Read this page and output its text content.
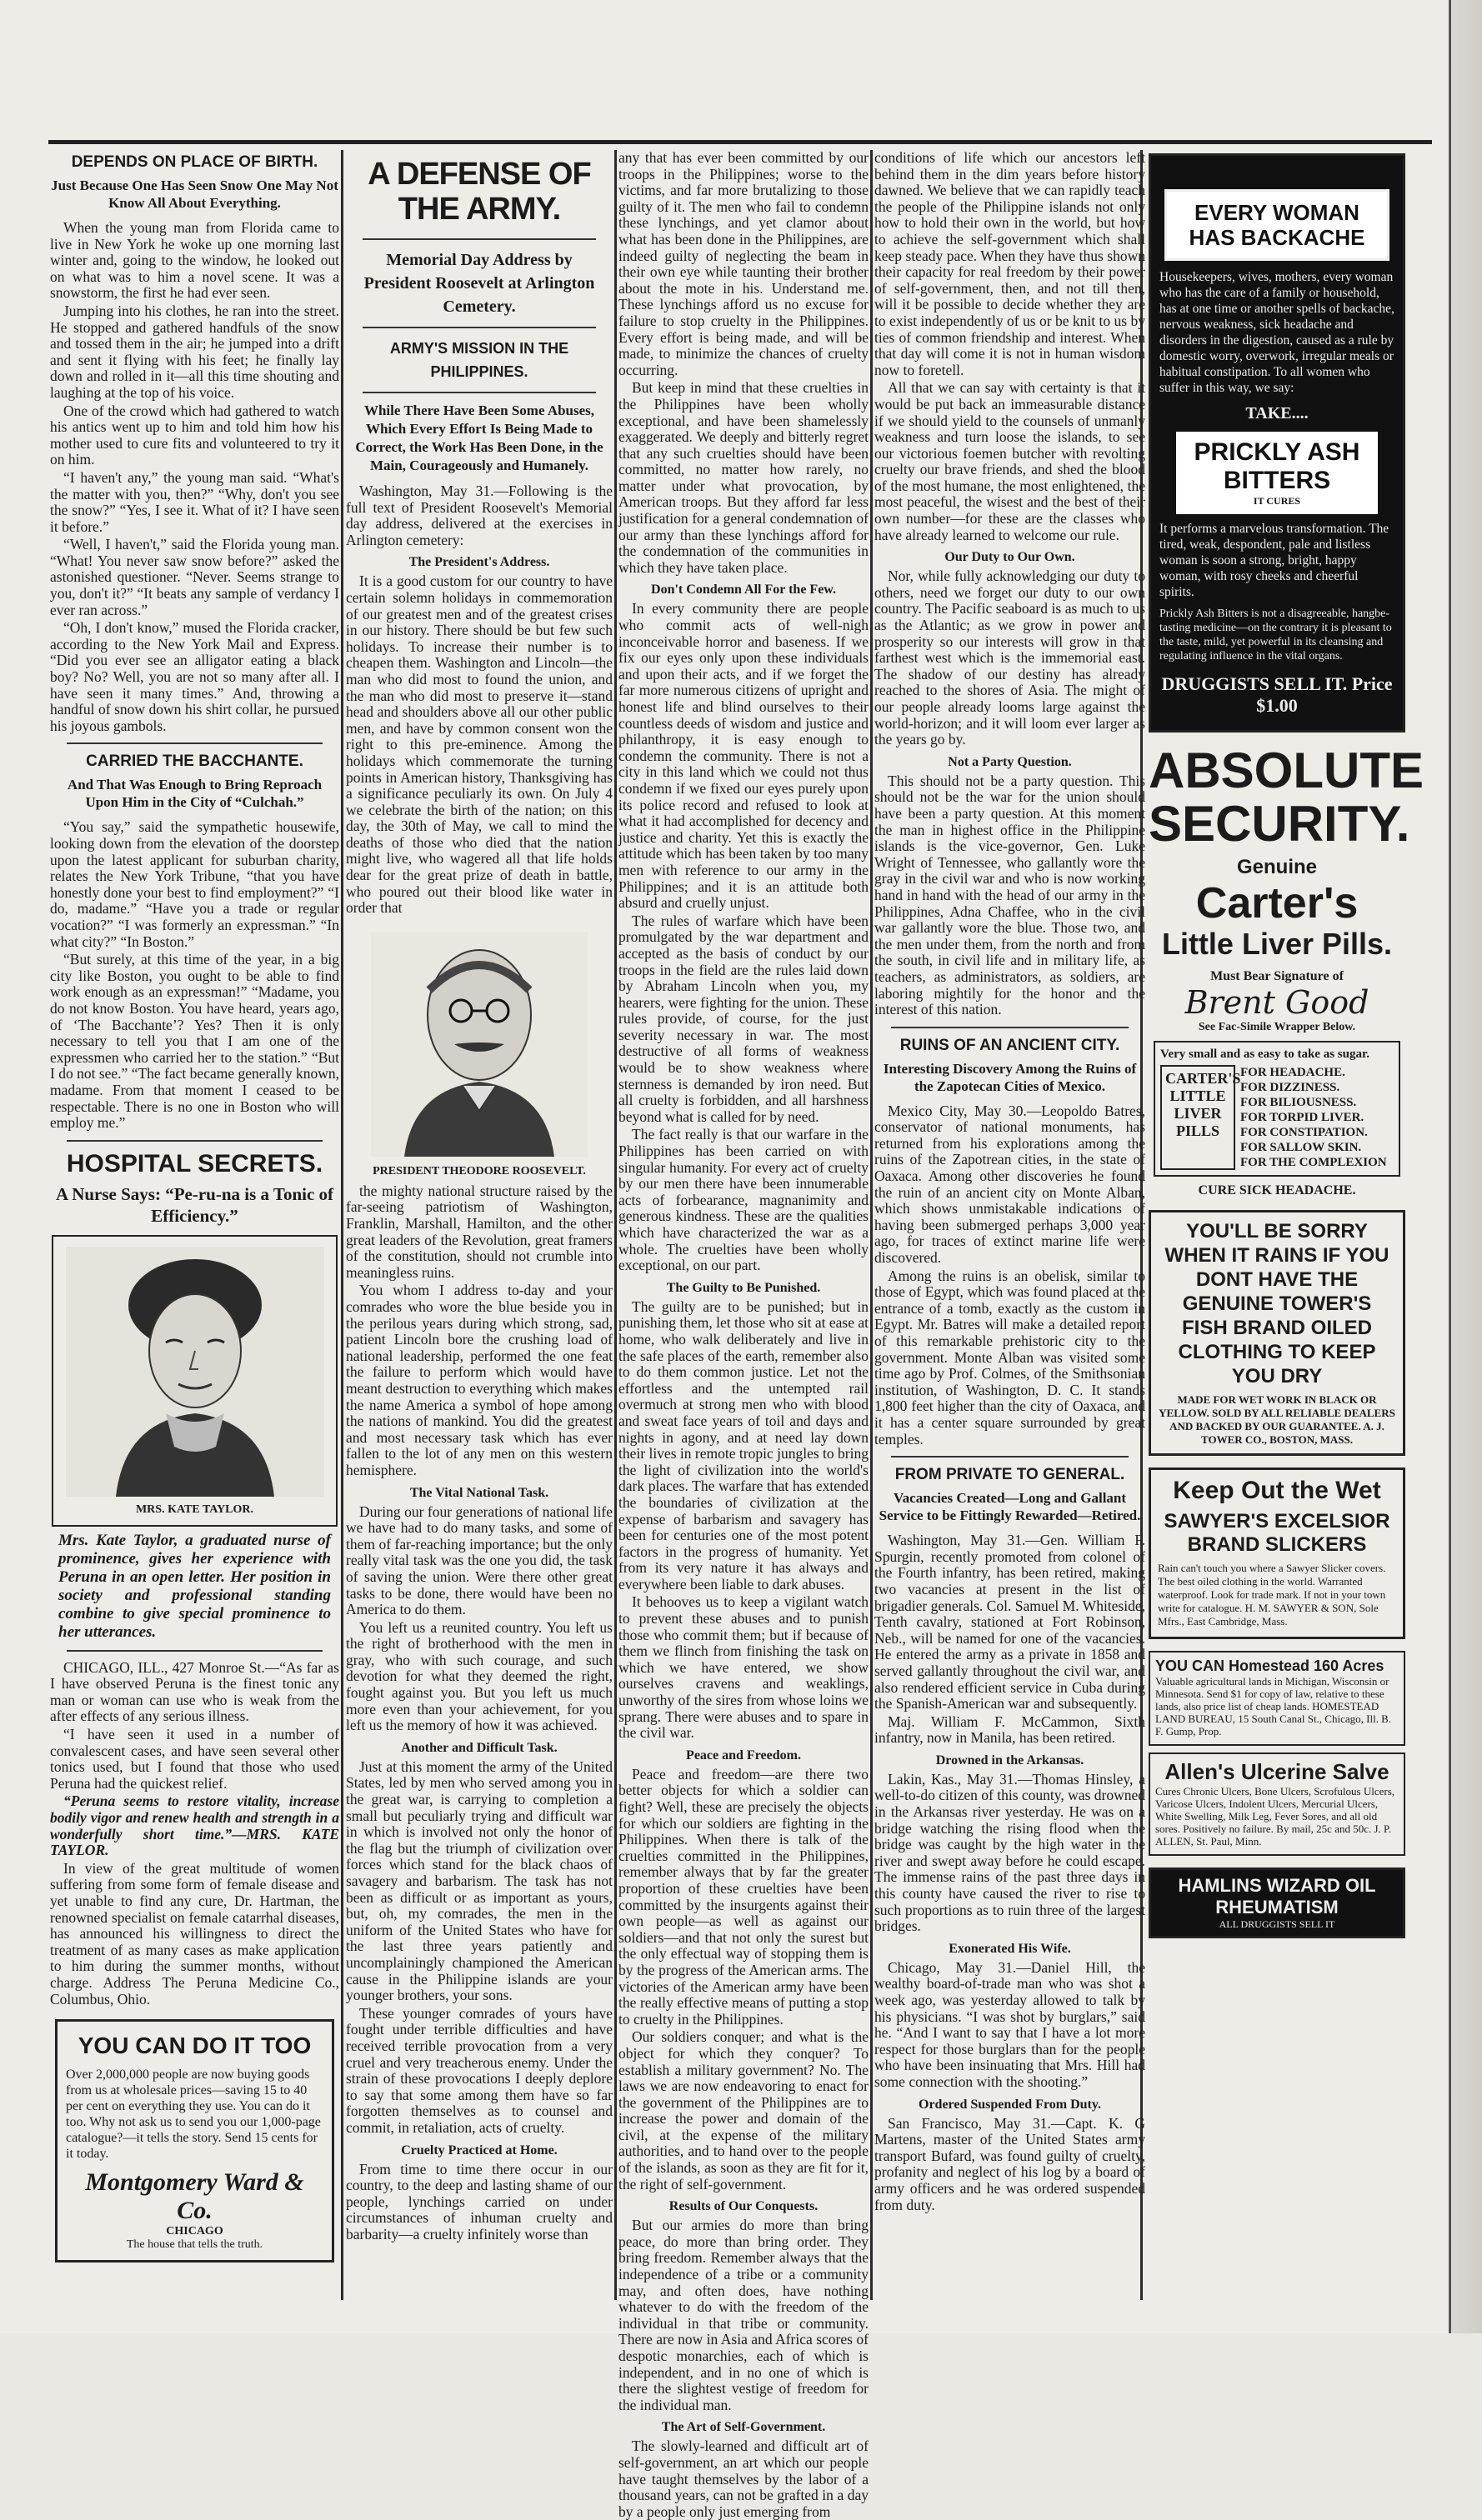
DEPENDS ON PLACE OF BIRTH.
Just Because One Has Seen Snow One May Not Know All About Everything.

When the young man from Florida came to live in New York he woke up one morning last winter and, going to the window, he looked out on what was to him a novel scene. It was a snowstorm, the first he had ever seen.

Jumping into his clothes, he ran into the street. He stopped and gathered handfuls of the snow and tossed them in the air; he jumped into a drift and sent it flying with his feet; he finally lay down and rolled in it—all this time shouting and laughing at the top of his voice.

One of the crowd which had gathered to watch his antics went up to him and told him how his mother used to cure fits and volunteered to try it on him.

“I haven't any,” the young man said. “What's the matter with you, then?” “Why, don't you see the snow?” “Yes, I see it. What of it? I have seen it before.”

“Well, I haven't,” said the Florida young man. “What! You never saw snow before?” asked the astonished questioner. “Never. Seems strange to you, don't it?” “It beats any sample of verdancy I ever ran across.”

“Oh, I don't know,” mused the Florida cracker, according to the New York Mail and Express. “Did you ever see an alligator eating a black boy? No? Well, you are not so many after all. I have seen it many times.” And, throwing a handful of snow down his shirt collar, he pursued his joyous gambols.

CARRIED THE BACCHANTE.
And That Was Enough to Bring Reproach Upon Him in the City of “Culchah.”

“You say,” said the sympathetic housewife, looking down from the elevation of the doorstep upon the latest applicant for suburban charity, relates the New York Tribune, “that you have honestly done your best to find employment?” “I do, madame.” “Have you a trade or regular vocation?” “I was formerly an expressman.” “In what city?” “In Boston.”

“But surely, at this time of the year, in a big city like Boston, you ought to be able to find work enough as an expressman!” “Madame, you do not know Boston. You have heard, years ago, of ‘The Bacchante’? Yes? Then it is only necessary to tell you that I am one of the expressmen who carried her to the station.” “But I do not see.” “The fact became generally known, madame. From that moment I ceased to be respectable. There is no one in Boston who will employ me.”

HOSPITAL SECRETS.
A Nurse Says: “Pe-ru-na is a Tonic of Efficiency.”
MRS. KATE TAYLOR.

Mrs. Kate Taylor, a graduated nurse of prominence, gives her experience with Peruna in an open letter. Her position in society and professional standing combine to give special prominence to her utterances.

CHICAGO, ILL., 427 Monroe St.—“As far as I have observed Peruna is the finest tonic any man or woman can use who is weak from the after effects of any serious illness.

“I have seen it used in a number of convalescent cases, and have seen several other tonics used, but I found that those who used Peruna had the quickest relief.

“Peruna seems to restore vitality, increase bodily vigor and renew health and strength in a wonderfully short time.”—MRS. KATE TAYLOR.

In view of the great multitude of women suffering from some form of female disease and yet unable to find any cure, Dr. Hartman, the renowned specialist on female catarrhal diseases, has announced his willingness to direct the treatment of as many cases as make application to him during the summer months, without charge. Address The Peruna Medicine Co., Columbus, Ohio.

YOU CAN DO IT TOO

Over 2,000,000 people are now buying goods from us at wholesale prices—saving 15 to 40 per cent on everything they use. You can do it too. Why not ask us to send you our 1,000-page catalogue?—it tells the story. Send 15 cents for it today.

Montgomery Ward & Co.
CHICAGO
The house that tells the truth.
A DEFENSE OF THE ARMY.
Memorial Day Address by President Roosevelt at Arlington Cemetery.
ARMY'S MISSION IN THE PHILIPPINES.
While There Have Been Some Abuses, Which Every Effort Is Being Made to Correct, the Work Has Been Done, in the Main, Courageously and Humanely.

Washington, May 31.—Following is the full text of President Roosevelt's Memorial day address, delivered at the exercises in Arlington cemetery:

The President's Address.

It is a good custom for our country to have certain solemn holidays in commemoration of our greatest men and of the greatest crises in our history. There should be but few such holidays. To increase their number is to cheapen them. Washington and Lincoln—the man who did most to found the union, and the man who did most to preserve it—stand head and shoulders above all our other public men, and have by common consent won the right to this pre-eminence. Among the holidays which commemorate the turning points in American history, Thanksgiving has a significance peculiarly its own. On July 4 we celebrate the birth of the nation; on this day, the 30th of May, we call to mind the deaths of those who died that the nation might live, who wagered all that life holds dear for the great prize of death in battle, who poured out their blood like water in order that

PRESIDENT THEODORE ROOSEVELT.

the mighty national structure raised by the far-seeing patriotism of Washington, Franklin, Marshall, Hamilton, and the other great leaders of the Revolution, great framers of the constitution, should not crumble into meaningless ruins.

You whom I address to-day and your comrades who wore the blue beside you in the perilous years during which strong, sad, patient Lincoln bore the crushing load of national leadership, performed the one feat the failure to perform which would have meant destruction to everything which makes the name America a symbol of hope among the nations of mankind. You did the greatest and most necessary task which has ever fallen to the lot of any men on this western hemisphere.

The Vital National Task.

During our four generations of national life we have had to do many tasks, and some of them of far-reaching importance; but the only really vital task was the one you did, the task of saving the union. Were there other great tasks to be done, there would have been no America to do them.

You left us a reunited country. You left us the right of brotherhood with the men in gray, who with such courage, and such devotion for what they deemed the right, fought against you. But you left us much more even than your achievement, for you left us the memory of how it was achieved.

Another and Difficult Task.

Just at this moment the army of the United States, led by men who served among you in the great war, is carrying to completion a small but peculiarly trying and difficult war in which is involved not only the honor of the flag but the triumph of civilization over forces which stand for the black chaos of savagery and barbarism. The task has not been as difficult or as important as yours, but, oh, my comrades, the men in the uniform of the United States who have for the last three years patiently and uncomplainingly championed the American cause in the Philippine islands are your younger brothers, your sons.

These younger comrades of yours have fought under terrible difficulties and have received terrible provocation from a very cruel and very treacherous enemy. Under the strain of these provocations I deeply deplore to say that some among them have so far forgotten themselves as to counsel and commit, in retaliation, acts of cruelty.

Cruelty Practiced at Home.

From time to time there occur in our country, to the deep and lasting shame of our people, lynchings carried on under circumstances of inhuman cruelty and barbarity—a cruelty infinitely worse than

any that has ever been committed by our troops in the Philippines; worse to the victims, and far more brutalizing to those guilty of it. The men who fail to condemn these lynchings, and yet clamor about what has been done in the Philippines, are indeed guilty of neglecting the beam in their own eye while taunting their brother about the mote in his. Understand me. These lynchings afford us no excuse for failure to stop cruelty in the Philippines. Every effort is being made, and will be made, to minimize the chances of cruelty occurring.

But keep in mind that these cruelties in the Philippines have been wholly exceptional, and have been shamelessly exaggerated. We deeply and bitterly regret that any such cruelties should have been committed, no matter how rarely, no matter under what provocation, by American troops. But they afford far less justification for a general condemnation of our army than these lynchings afford for the condemnation of the communities in which they have taken place.

Don't Condemn All For the Few.

In every community there are people who commit acts of well-nigh inconceivable horror and baseness. If we fix our eyes only upon these individuals and upon their acts, and if we forget the far more numerous citizens of upright and honest life and blind ourselves to their countless deeds of wisdom and justice and philanthropy, it is easy enough to condemn the community. There is not a city in this land which we could not thus condemn if we fixed our eyes purely upon its police record and refused to look at what it had accomplished for decency and justice and charity. Yet this is exactly the attitude which has been taken by too many men with reference to our army in the Philippines; and it is an attitude both absurd and cruelly unjust.

The rules of warfare which have been promulgated by the war department and accepted as the basis of conduct by our troops in the field are the rules laid down by Abraham Lincoln when you, my hearers, were fighting for the union. These rules provide, of course, for the just severity necessary in war. The most destructive of all forms of weakness would be to show weakness where sternness is demanded by iron need. But all cruelty is forbidden, and all harshness beyond what is called for by need.

The fact really is that our warfare in the Philippines has been carried on with singular humanity. For every act of cruelty by our men there have been innumerable acts of forbearance, magnanimity and generous kindness. These are the qualities which have characterized the war as a whole. The cruelties have been wholly exceptional, on our part.

The Guilty to Be Punished.

The guilty are to be punished; but in punishing them, let those who sit at ease at home, who walk deliberately and live in the safe places of the earth, remember also to do them common justice. Let not the effortless and the untempted rail overmuch at strong men who with blood and sweat face years of toil and days and nights in agony, and at need lay down their lives in remote tropic jungles to bring the light of civilization into the world's dark places. The warfare that has extended the boundaries of civilization at the expense of barbarism and savagery has been for centuries one of the most potent factors in the progress of humanity. Yet from its very nature it has always and everywhere been liable to dark abuses.

It behooves us to keep a vigilant watch to prevent these abuses and to punish those who commit them; but if because of them we flinch from finishing the task on which we have entered, we show ourselves cravens and weaklings, unworthy of the sires from whose loins we sprang. There were abuses and to spare in the civil war.

Peace and Freedom.

Peace and freedom—are there two better objects for which a soldier can fight? Well, these are precisely the objects for which our soldiers are fighting in the Philippines. When there is talk of the cruelties committed in the Philippines, remember always that by far the greater proportion of these cruelties have been committed by the insurgents against their own people—as well as against our soldiers—and that not only the surest but the only effectual way of stopping them is by the progress of the American arms. The victories of the American army have been the really effective means of putting a stop to cruelty in the Philippines.

Our soldiers conquer; and what is the object for which they conquer? To establish a military government? No. The laws we are now endeavoring to enact for the government of the Philippines are to increase the power and domain of the civil, at the expense of the military authorities, and to hand over to the people of the islands, as soon as they are fit for it, the right of self-government.

Results of Our Conquests.

But our armies do more than bring peace, do more than bring order. They bring freedom. Remember always that the independence of a tribe or a community may, and often does, have nothing whatever to do with the freedom of the individual in that tribe or community. There are now in Asia and Africa scores of despotic monarchies, each of which is independent, and in no one of which is there the slightest vestige of freedom for the individual man.

The Art of Self-Government.

The slowly-learned and difficult art of self-government, an art which our people have taught themselves by the labor of a thousand years, can not be grafted in a day by a people only just emerging from

conditions of life which our ancestors left behind them in the dim years before history dawned. We believe that we can rapidly teach the people of the Philippine islands not only how to hold their own in the world, but how to achieve the self-government which shall keep steady pace. When they have thus shown their capacity for real freedom by their power of self-government, then, and not till then, will it be possible to decide whether they are to exist independently of us or be knit to us by ties of common friendship and interest. When that day will come it is not in human wisdom now to foretell.

All that we can say with certainty is that it would be put back an immeasurable distance if we should yield to the counsels of unmanly weakness and turn loose the islands, to see our victorious foemen butcher with revolting cruelty our brave friends, and shed the blood of the most humane, the most enlightened, the most peaceful, the wisest and the best of their own number—for these are the classes who have already learned to welcome our rule.

Our Duty to Our Own.

Nor, while fully acknowledging our duty to others, need we forget our duty to our own country. The Pacific seaboard is as much to us as the Atlantic; as we grow in power and prosperity so our interests will grow in that farthest west which is the immemorial east. The shadow of our destiny has already reached to the shores of Asia. The might of our people already looms large against the world-horizon; and it will loom ever larger as the years go by.

Not a Party Question.

This should not be a party question. This should not be the war for the union should have been a party question. At this moment the man in highest office in the Philippine islands is the vice-governor, Gen. Luke Wright of Tennessee, who gallantly wore the gray in the civil war and who is now working hand in hand with the head of our army in the Philippines, Adna Chaffee, who in the civil war gallantly wore the blue. Those two, and the men under them, from the north and from the south, in civil life and in military life, as teachers, as administrators, as soldiers, are laboring mightily for the honor and the interest of this nation.

RUINS OF AN ANCIENT CITY.
Interesting Discovery Among the Ruins of the Zapotecan Cities of Mexico.

Mexico City, May 30.—Leopoldo Batres, conservator of national monuments, has returned from his explorations among the ruins of the Zapotrean cities, in the state of Oaxaca. Among other discoveries he found the ruin of an ancient city on Monte Alban, which shows unmistakable indications of having been submerged perhaps 3,000 year ago, for traces of extinct marine life were discovered.

Among the ruins is an obelisk, similar to those of Egypt, which was found placed at the entrance of a tomb, exactly as the custom in Egypt. Mr. Batres will make a detailed report of this remarkable prehistoric city to the government. Monte Alban was visited some time ago by Prof. Colmes, of the Smithsonian institution, of Washington, D. C. It stands 1,800 feet higher than the city of Oaxaca, and it has a center square surrounded by great temples.

FROM PRIVATE TO GENERAL.
Vacancies Created—Long and Gallant Service to be Fittingly Rewarded—Retired.

Washington, May 31.—Gen. William F. Spurgin, recently promoted from colonel of the Fourth infantry, has been retired, making two vacancies at present in the list of brigadier generals. Col. Samuel M. Whiteside, Tenth cavalry, stationed at Fort Robinson, Neb., will be named for one of the vacancies. He entered the army as a private in 1858 and served gallantly throughout the civil war, and also rendered efficient service in Cuba during the Spanish-American war and subsequently.

Maj. William F. McCammon, Sixth infantry, now in Manila, has been retired.

Drowned in the Arkansas.

Lakin, Kas., May 31.—Thomas Hinsley, a well-to-do citizen of this county, was drowned in the Arkansas river yesterday. He was on a bridge watching the rising flood when the bridge was caught by the high water in the river and swept away before he could escape. The immense rains of the past three days in this county have caused the river to rise to such proportions as to ruin three of the largest bridges.

Exonerated His Wife.

Chicago, May 31.—Daniel Hill, the wealthy board-of-trade man who was shot a week ago, was yesterday allowed to talk by his physicians. “I was shot by burglars,” said he. “And I want to say that I have a lot more respect for those burglars than for the people who have been insinuating that Mrs. Hill had some connection with the shooting.”

Ordered Suspended From Duty.

San Francisco, May 31.—Capt. K. G Martens, master of the United States army transport Bufard, was found guilty of cruelty, profanity and neglect of his log by a board of army officers and he was ordered suspended from duty.

EVERY WOMAN HAS BACKACHE

Housekeepers, wives, mothers, every woman who has the care of a family or household, has at one time or another spells of backache, nervous weakness, sick headache and disorders in the digestion, caused as a rule by domestic worry, overwork, irregular meals or habitual constipation. To all women who suffer in this way, we say:

TAKE....
PRICKLY ASH BITTERS
IT CURES

It performs a marvelous transformation. The tired, weak, despondent, pale and listless woman is soon a strong, bright, happy woman, with rosy cheeks and cheerful spirits.

Prickly Ash Bitters is not a disagreeable, hangbe-tasting medicine—on the contrary it is pleasant to the taste, mild, yet powerful in its cleansing and regulating influence in the vital organs.

DRUGGISTS SELL IT. Price $1.00
ABSOLUTE SECURITY.
Genuine
Carter's
Little Liver Pills.
Must Bear Signature of
Brent Good
See Fac-Simile Wrapper Below.
Very small and as easy to take as sugar.
CARTER'S LITTLE LIVER PILLS
FOR HEADACHE.
FOR DIZZINESS.
FOR BILIOUSNESS.
FOR TORPID LIVER.
FOR CONSTIPATION.
FOR SALLOW SKIN.
FOR THE COMPLEXION
CURE SICK HEADACHE.
YOU'LL BE SORRY WHEN IT RAINS IF YOU DONT HAVE THE GENUINE TOWER'S FISH BRAND OILED CLOTHING TO KEEP YOU DRY
MADE FOR WET WORK IN BLACK OR YELLOW. SOLD BY ALL RELIABLE DEALERS AND BACKED BY OUR GUARANTEE. A. J. TOWER CO., BOSTON, MASS.
Keep Out the Wet
SAWYER'S EXCELSIOR BRAND SLICKERS

Rain can't touch you where a Sawyer Slicker covers. The best oiled clothing in the world. Warranted waterproof. Look for trade mark. If not in your town write for catalogue. H. M. SAWYER & SON, Sole Mfrs., East Cambridge, Mass.

YOU CAN Homestead 160 Acres

Valuable agricultural lands in Michigan, Wisconsin or Minnesota. Send $1 for copy of law, relative to these lands, also price list of cheap lands. HOMESTEAD LAND BUREAU, 15 South Canal St., Chicago, Ill. B. F. Gump, Prop.

Allen's Ulcerine Salve

Cures Chronic Ulcers, Bone Ulcers, Scrofulous Ulcers, Varicose Ulcers, Indolent Ulcers, Mercurial Ulcers, White Swelling, Milk Leg, Fever Sores, and all old sores. Positively no failure. By mail, 25c and 50c. J. P. ALLEN, St. Paul, Minn.

HAMLINS WIZARD OIL RHEUMATISM
ALL DRUGGISTS SELL IT
